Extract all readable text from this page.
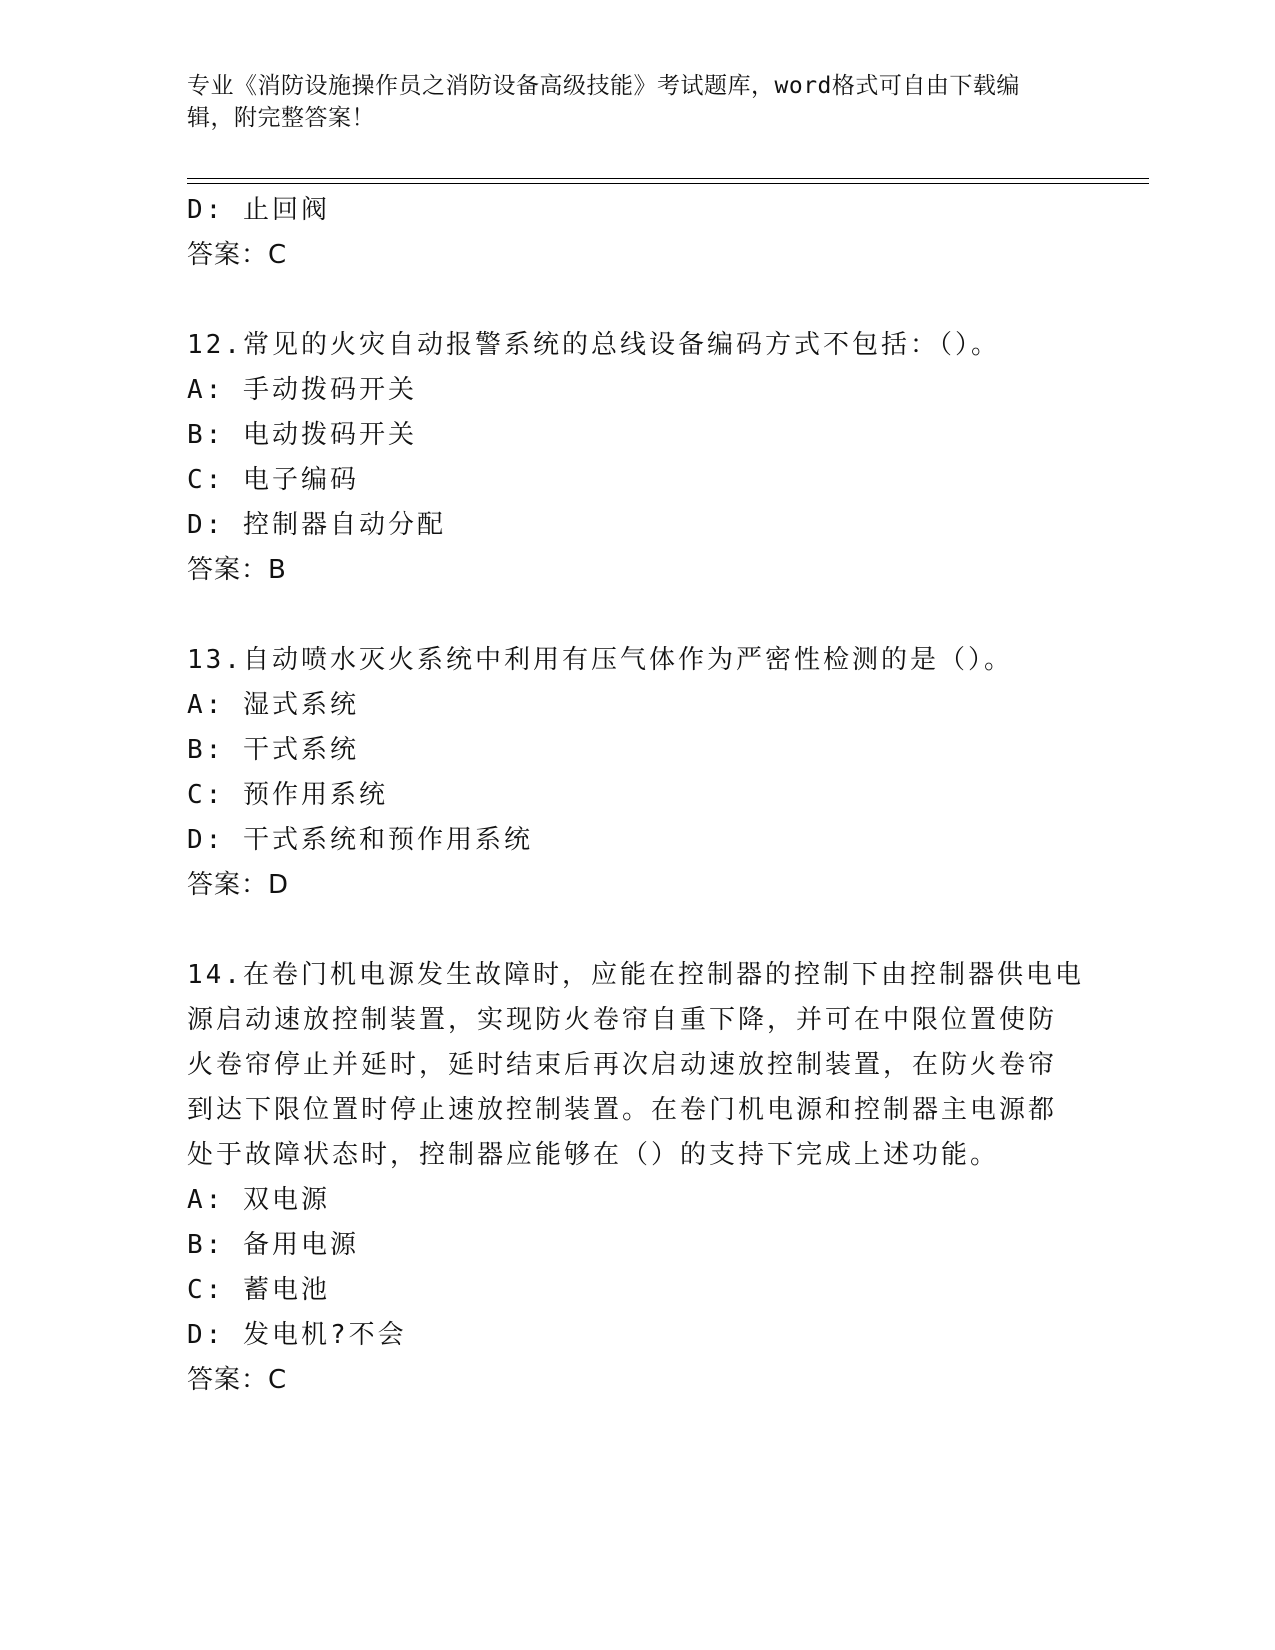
专业《消防设施操作员之消防设备高级技能》考试题库，word格式可自由下载编
辑，附完整答案！
D: 止回阀
答案：C
12.常见的火灾自动报警系统的总线设备编码方式不包括：（）。
A: 手动拨码开关
B: 电动拨码开关
C: 电子编码
D: 控制器自动分配
答案：B
13.自动喷水灭火系统中利用有压气体作为严密性检测的是（）。
A: 湿式系统
B: 干式系统
C: 预作用系统
D: 干式系统和预作用系统
答案：D
14.在卷门机电源发生故障时，应能在控制器的控制下由控制器供电电
源启动速放控制装置，实现防火卷帘自重下降，并可在中限位置使防
火卷帘停止并延时，延时结束后再次启动速放控制装置，在防火卷帘
到达下限位置时停止速放控制装置。在卷门机电源和控制器主电源都
处于故障状态时，控制器应能够在（）的支持下完成上述功能。
A: 双电源
B: 备用电源
C: 蓄电池
D: 发电机?不会
答案：C
